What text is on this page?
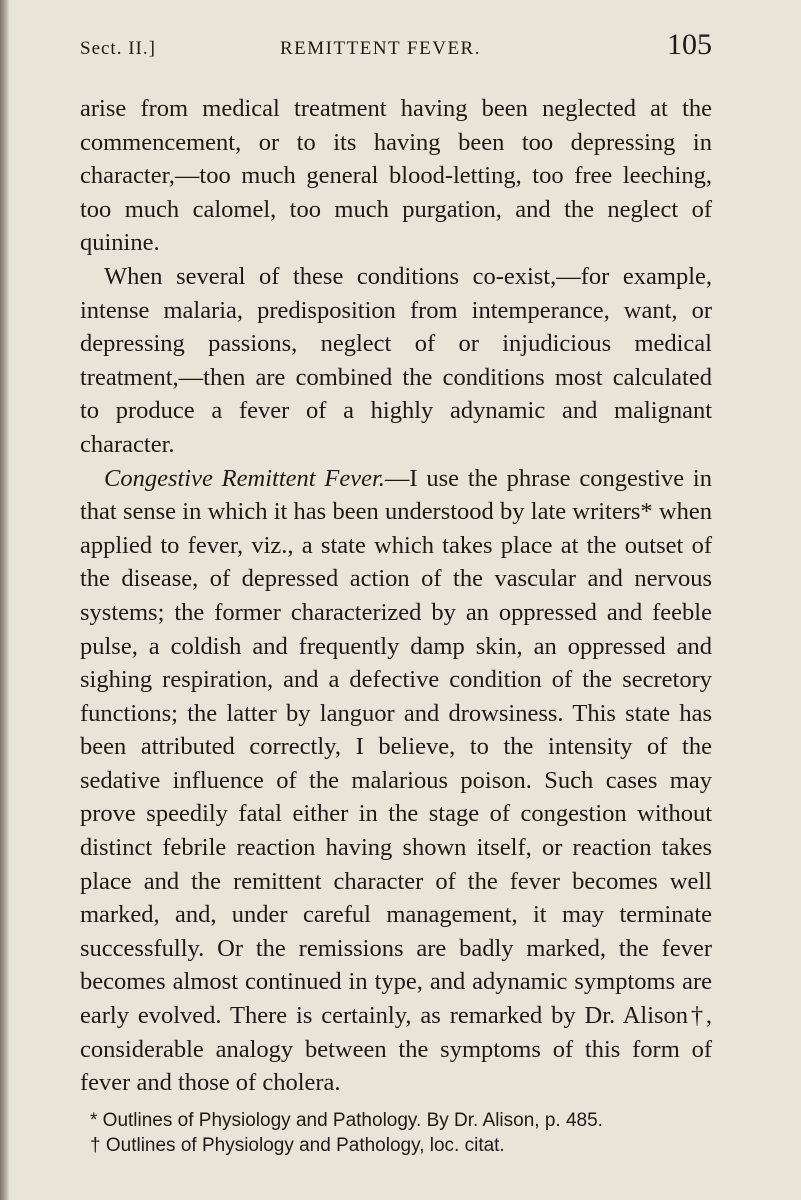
Sect. II.]	REMITTENT FEVER.	105

arise from medical treatment having been neglected at the commencement, or to its having been too depressing in character,—too much general blood-letting, too free leeching, too much calomel, too much purgation, and the neglect of quinine.

When several of these conditions co-exist,—for example, intense malaria, predisposition from intemperance, want, or depressing passions, neglect of or injudicious medical treatment,—then are combined the conditions most calculated to produce a fever of a highly adynamic and malignant character.

Congestive Remittent Fever.—I use the phrase congestive in that sense in which it has been understood by late writers* when applied to fever, viz., a state which takes place at the outset of the disease, of depressed action of the vascular and nervous systems; the former characterized by an oppressed and feeble pulse, a coldish and frequently damp skin, an oppressed and sighing respiration, and a defective condition of the secretory functions; the latter by languor and drowsiness. This state has been attributed correctly, I believe, to the intensity of the sedative influence of the malarious poison. Such cases may prove speedily fatal either in the stage of congestion without distinct febrile reaction having shown itself, or reaction takes place and the remittent character of the fever becomes well marked, and, under careful management, it may terminate successfully. Or the remissions are badly marked, the fever becomes almost continued in type, and adynamic symptoms are early evolved. There is certainly, as remarked by Dr. Alison†, considerable analogy between the symptoms of this form of fever and those of cholera.

* Outlines of Physiology and Pathology. By Dr. Alison, p. 485.
† Outlines of Physiology and Pathology, loc. citat.
